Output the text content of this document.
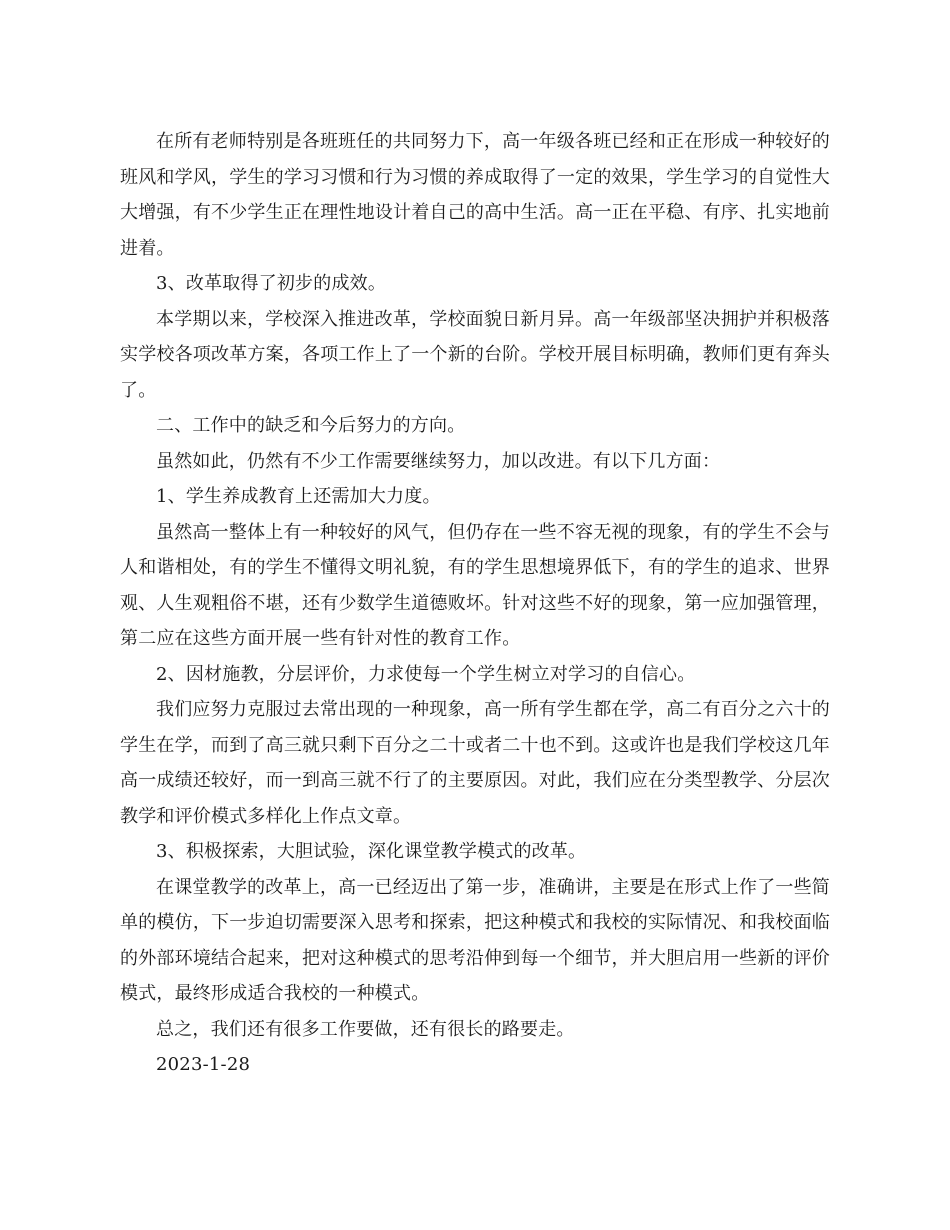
在所有老师特别是各班班任的共同努力下，高一年级各班已经和正在形成一种较好的班风和学风，学生的学习习惯和行为习惯的养成取得了一定的效果，学生学习的自觉性大大增强，有不少学生正在理性地设计着自己的高中生活。高一正在平稳、有序、扎实地前进着。

3、改革取得了初步的成效。

本学期以来，学校深入推进改革，学校面貌日新月异。高一年级部坚决拥护并积极落实学校各项改革方案，各项工作上了一个新的台阶。学校开展目标明确，教师们更有奔头了。

二、工作中的缺乏和今后努力的方向。

虽然如此，仍然有不少工作需要继续努力，加以改进。有以下几方面：

1、学生养成教育上还需加大力度。

虽然高一整体上有一种较好的风气，但仍存在一些不容无视的现象，有的学生不会与人和谐相处，有的学生不懂得文明礼貌，有的学生思想境界低下，有的学生的追求、世界观、人生观粗俗不堪，还有少数学生道德败坏。针对这些不好的现象，第一应加强管理，第二应在这些方面开展一些有针对性的教育工作。

2、因材施教，分层评价，力求使每一个学生树立对学习的自信心。

我们应努力克服过去常出现的一种现象，高一所有学生都在学，高二有百分之六十的学生在学，而到了高三就只剩下百分之二十或者二十也不到。这或许也是我们学校这几年高一成绩还较好，而一到高三就不行了的主要原因。对此，我们应在分类型教学、分层次教学和评价模式多样化上作点文章。

3、积极探索，大胆试验，深化课堂教学模式的改革。

在课堂教学的改革上，高一已经迈出了第一步，准确讲，主要是在形式上作了一些简单的模仿，下一步迫切需要深入思考和探索，把这种模式和我校的实际情况、和我校面临的外部环境结合起来，把对这种模式的思考沿伸到每一个细节，并大胆启用一些新的评价模式，最终形成适合我校的一种模式。

总之，我们还有很多工作要做，还有很长的路要走。

2023-1-28
